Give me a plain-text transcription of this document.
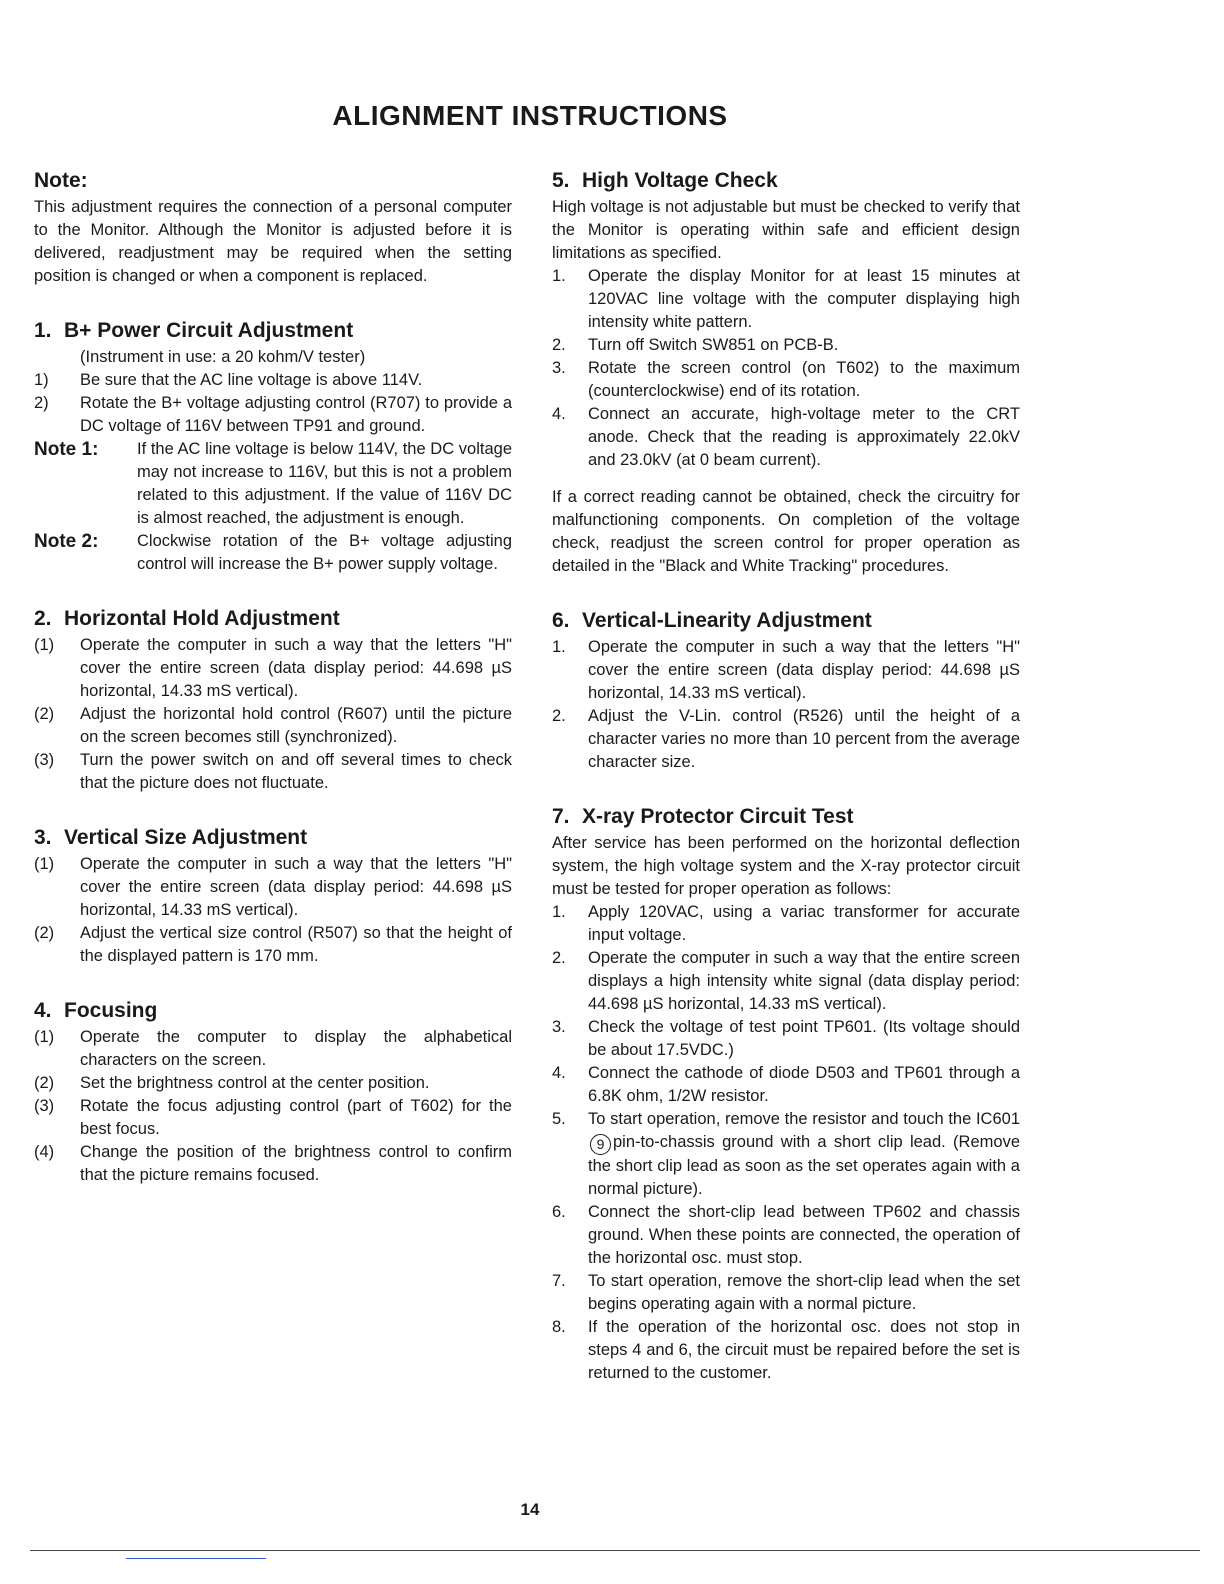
ALIGNMENT INSTRUCTIONS
Note:

This adjustment requires the connection of a personal computer to the Monitor. Although the Monitor is adjusted before it is delivered, readjustment may be required when the setting position is changed or when a component is replaced.

1. B+ Power Circuit Adjustment

(Instrument in use: a 20 kohm/V tester)

1)	Be sure that the AC line voltage is above 114V.
2)	Rotate the B+ voltage adjusting control (R707) to provide a DC voltage of 116V between TP91 and ground.
Note 1:	If the AC line voltage is below 114V, the DC voltage may not increase to 116V, but this is not a problem related to this adjustment. If the value of 116V DC is almost reached, the adjustment is enough.
Note 2:	Clockwise rotation of the B+ voltage adjusting control will increase the B+ power supply voltage.
2. Horizontal Hold Adjustment
(1)	Operate the computer in such a way that the letters "H" cover the entire screen (data display period: 44.698 µS horizontal, 14.33 mS vertical).
(2)	Adjust the horizontal hold control (R607) until the picture on the screen becomes still (synchronized).
(3)	Turn the power switch on and off several times to check that the picture does not fluctuate.
3. Vertical Size Adjustment
(1)	Operate the computer in such a way that the letters "H" cover the entire screen (data display period: 44.698 µS horizontal, 14.33 mS vertical).
(2)	Adjust the vertical size control (R507) so that the height of the displayed pattern is 170 mm.
4. Focusing
(1)	Operate the computer to display the alphabetical characters on the screen.
(2)	Set the brightness control at the center position.
(3)	Rotate the focus adjusting control (part of T602) for the best focus.
(4)	Change the position of the brightness control to confirm that the picture remains focused.
5. High Voltage Check

High voltage is not adjustable but must be checked to verify that the Monitor is operating within safe and efficient design limitations as specified.

1.	Operate the display Monitor for at least 15 minutes at 120VAC line voltage with the computer displaying high intensity white pattern.
2.	Turn off Switch SW851 on PCB-B.
3.	Rotate the screen control (on T602) to the maximum (counterclockwise) end of its rotation.
4.	Connect an accurate, high-voltage meter to the CRT anode. Check that the reading is approximately 22.0kV and 23.0kV (at 0 beam current).

If a correct reading cannot be obtained, check the circuitry for malfunctioning components. On completion of the voltage check, readjust the screen control for proper operation as detailed in the "Black and White Tracking" procedures.

6. Vertical-Linearity Adjustment
1.	Operate the computer in such a way that the letters "H" cover the entire screen (data display period: 44.698 µS horizontal, 14.33 mS vertical).
2.	Adjust the V-Lin. control (R526) until the height of a character varies no more than 10 percent from the average character size.
7. X-ray Protector Circuit Test

After service has been performed on the horizontal deflection system, the high voltage system and the X-ray protector circuit must be tested for proper operation as follows:

1.	Apply 120VAC, using a variac transformer for accurate input voltage.
2.	Operate the computer in such a way that the entire screen displays a high intensity white signal (data display period: 44.698 µS horizontal, 14.33 mS vertical).
3.	Check the voltage of test point TP601. (Its voltage should be about 17.5VDC.)
4.	Connect the cathode of diode D503 and TP601 through a 6.8K ohm, 1/2W resistor.
5.	To start operation, remove the resistor and touch the IC601 9 pin-to-chassis ground with a short clip lead. (Remove the short clip lead as soon as the set operates again with a normal picture).
6.	Connect the short-clip lead between TP602 and chassis ground. When these points are connected, the operation of the horizontal osc. must stop.
7.	To start operation, remove the short-clip lead when the set begins operating again with a normal picture.
8.	If the operation of the horizontal osc. does not stop in steps 4 and 6, the circuit must be repaired before the set is returned to the customer.
14
